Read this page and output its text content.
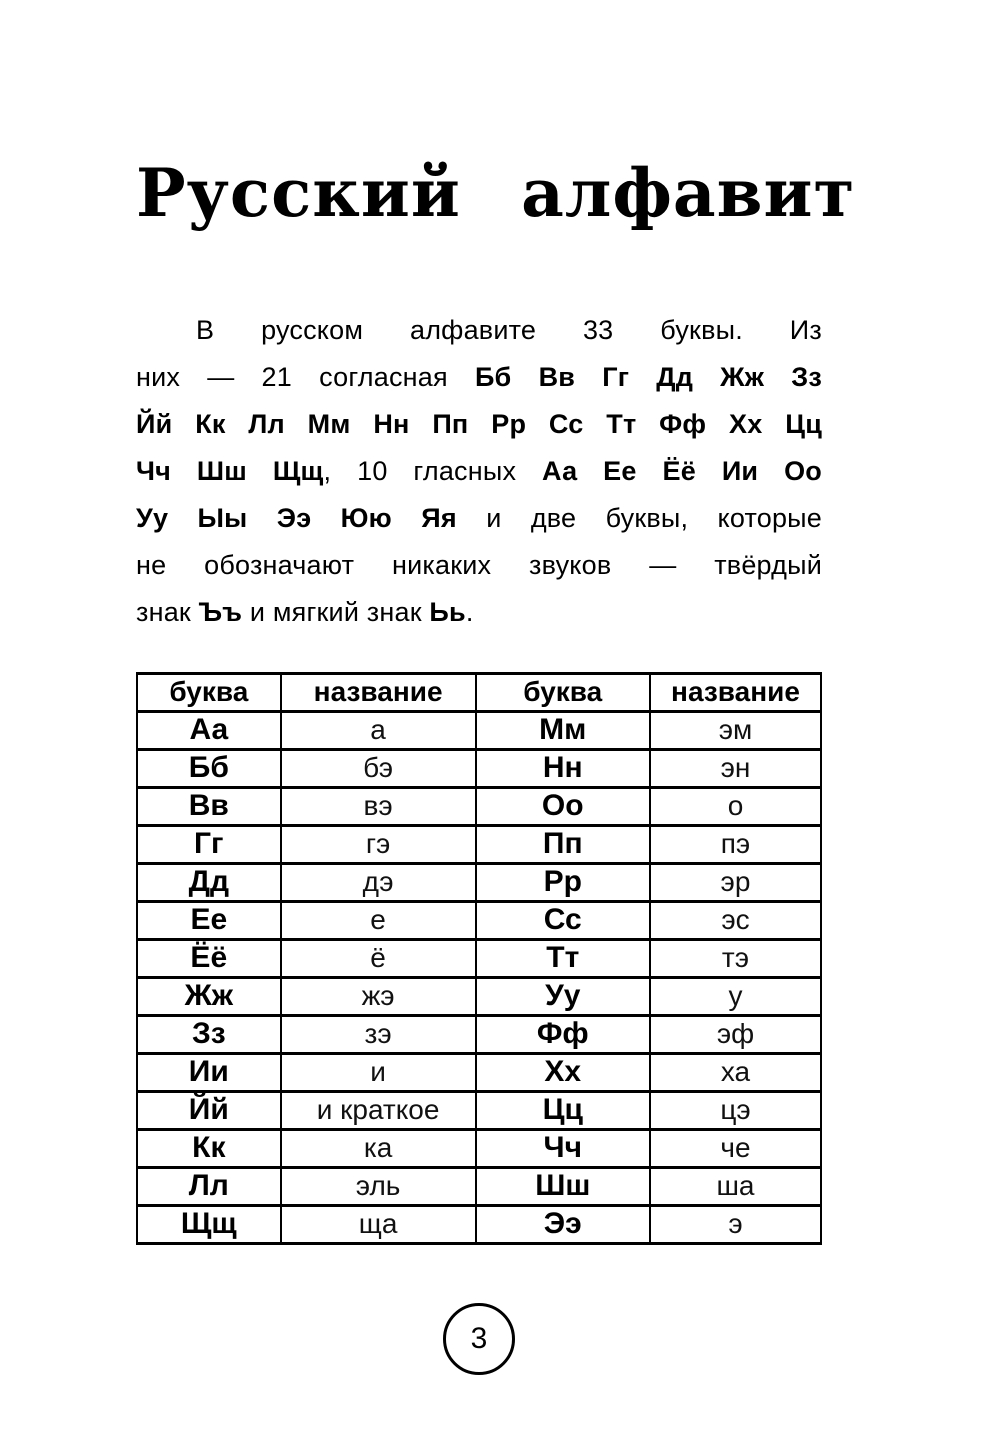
Русский алфавит
В русском алфавите 33 буквы. Из
них — 21 согласная Бб Вв Гг Дд Жж Зз
Йй Кк Лл Мм Нн Пп Рр Сс Тт Фф Хх Цц
Чч Шш Щщ, 10 гласных Аа Ее Ёё Ии Оо
Уу Ыы Ээ Юю Яя и две буквы, которые
не обозначают никаких звуков — твёрдый
знак Ъъ и мягкий знак Ьь.
буква	название	буква	название
Аа	а	Мм	эм
Бб	бэ	Нн	эн
Вв	вэ	Оо	о
Гг	гэ	Пп	пэ
Дд	дэ	Рр	эр
Ее	е	Сс	эс
Ёё	ё	Тт	тэ
Жж	жэ	Уу	у
Зз	зэ	Фф	эф
Ии	и	Хх	ха
Йй	и краткое	Цц	цэ
Кк	ка	Чч	че
Лл	эль	Шш	ша
Щщ	ща	Ээ	э
3
